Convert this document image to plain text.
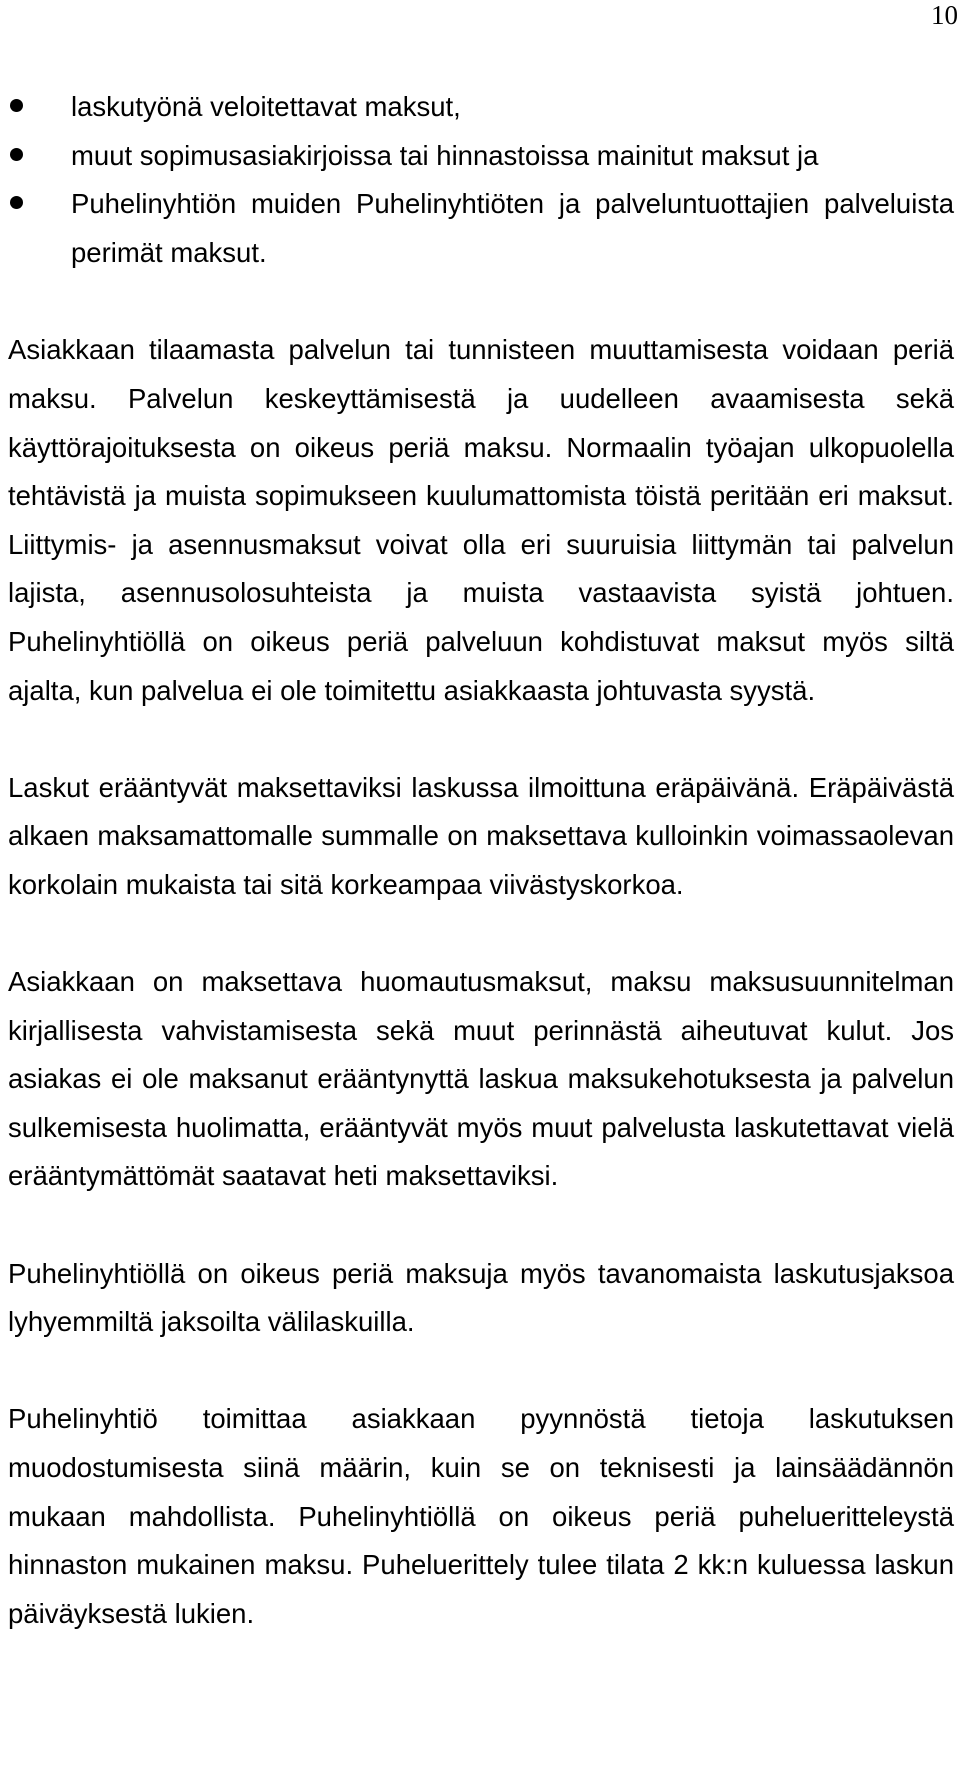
10
laskutyönä veloitettavat maksut,
muut sopimusasiakirjoissa tai hinnastoissa mainitut maksut ja
Puhelinyhtiön muiden Puhelinyhtiöten ja palveluntuottajien palveluista perimät maksut.

Asiakkaan tilaamasta palvelun tai tunnisteen muuttamisesta voidaan periä maksu. Palvelun keskeyttämisestä ja uudelleen avaamisesta sekä käyttörajoituksesta on oikeus periä maksu. Normaalin työajan ulkopuolella tehtävistä ja muista sopimukseen kuulumattomista töistä peritään eri maksut. Liittymis- ja asennusmaksut voivat olla eri suuruisia liittymän tai palvelun lajista, asennusolosuhteista ja muista vastaavista syistä johtuen. Puhelinyhtiöllä on oikeus periä palveluun kohdistuvat maksut myös siltä ajalta, kun palvelua ei ole toimitettu asiakkaasta johtuvasta syystä.

Laskut erääntyvät maksettaviksi laskussa ilmoittuna eräpäivänä. Eräpäivästä alkaen maksamattomalle summalle on maksettava kulloinkin voimassaolevan korkolain mukaista tai sitä korkeampaa viivästyskorkoa.

Asiakkaan on maksettava huomautusmaksut, maksu maksusuunnitelman kirjallisesta vahvistamisesta sekä muut perinnästä aiheutuvat kulut. Jos asiakas ei ole maksanut erääntynyttä laskua maksukehotuksesta ja palvelun sulkemisesta huolimatta, erääntyvät myös muut palvelusta laskutettavat vielä erääntymättömät saatavat heti maksettaviksi.

Puhelinyhtiöllä on oikeus periä maksuja myös tavanomaista laskutusjaksoa lyhyemmiltä jaksoilta välilaskuilla.

Puhelinyhtiö toimittaa asiakkaan pyynnöstä tietoja laskutuksen muodostumisesta siinä määrin, kuin se on teknisesti ja lainsäädännön mukaan mahdollista. Puhelinyhtiöllä on oikeus periä puhelueritteleystä hinnaston mukainen maksu. Puheluerittely tulee tilata 2 kk:n kuluessa laskun päiväyksestä lukien.
